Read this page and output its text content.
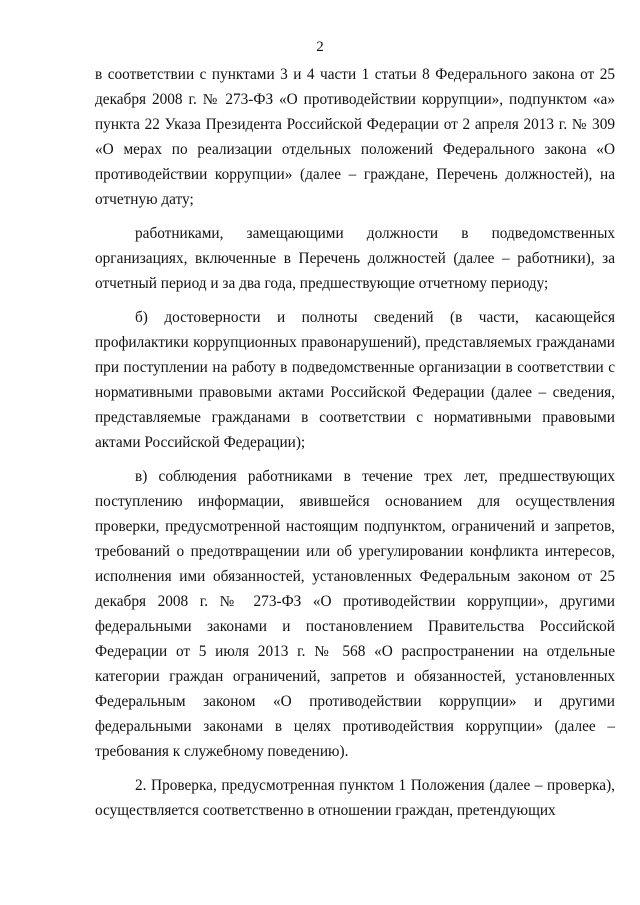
2

в соответствии с пунктами 3 и 4 части 1 статьи 8 Федерального закона от 25 декабря 2008 г. № 273-ФЗ «О противодействии коррупции», подпунктом «а» пункта 22 Указа Президента Российской Федерации от 2 апреля 2013 г. № 309 «О мерах по реализации отдельных положений Федерального закона «О противодействии коррупции» (далее – граждане, Перечень должностей), на отчетную дату;

работниками, замещающими должности в подведомственных организациях, включенные в Перечень должностей (далее – работники), за отчетный период и за два года, предшествующие отчетному периоду;

б) достоверности и полноты сведений (в части, касающейся профилактики коррупционных правонарушений), представляемых гражданами при поступлении на работу в подведомственные организации в соответствии с нормативными правовыми актами Российской Федерации (далее – сведения, представляемые гражданами в соответствии с нормативными правовыми актами Российской Федерации);

в) соблюдения работниками в течение трех лет, предшествующих поступлению информации, явившейся основанием для осуществления проверки, предусмотренной настоящим подпунктом, ограничений и запретов, требований о предотвращении или об урегулировании конфликта интересов, исполнения ими обязанностей, установленных Федеральным законом от 25 декабря 2008 г. № 273-ФЗ «О противодействии коррупции», другими федеральными законами и постановлением Правительства Российской Федерации от 5 июля 2013 г. № 568 «О распространении на отдельные категории граждан ограничений, запретов и обязанностей, установленных Федеральным законом «О противодействии коррупции» и другими федеральными законами в целях противодействия коррупции» (далее – требования к служебному поведению).

2. Проверка, предусмотренная пунктом 1 Положения (далее – проверка), осуществляется соответственно в отношении граждан, претендующих
